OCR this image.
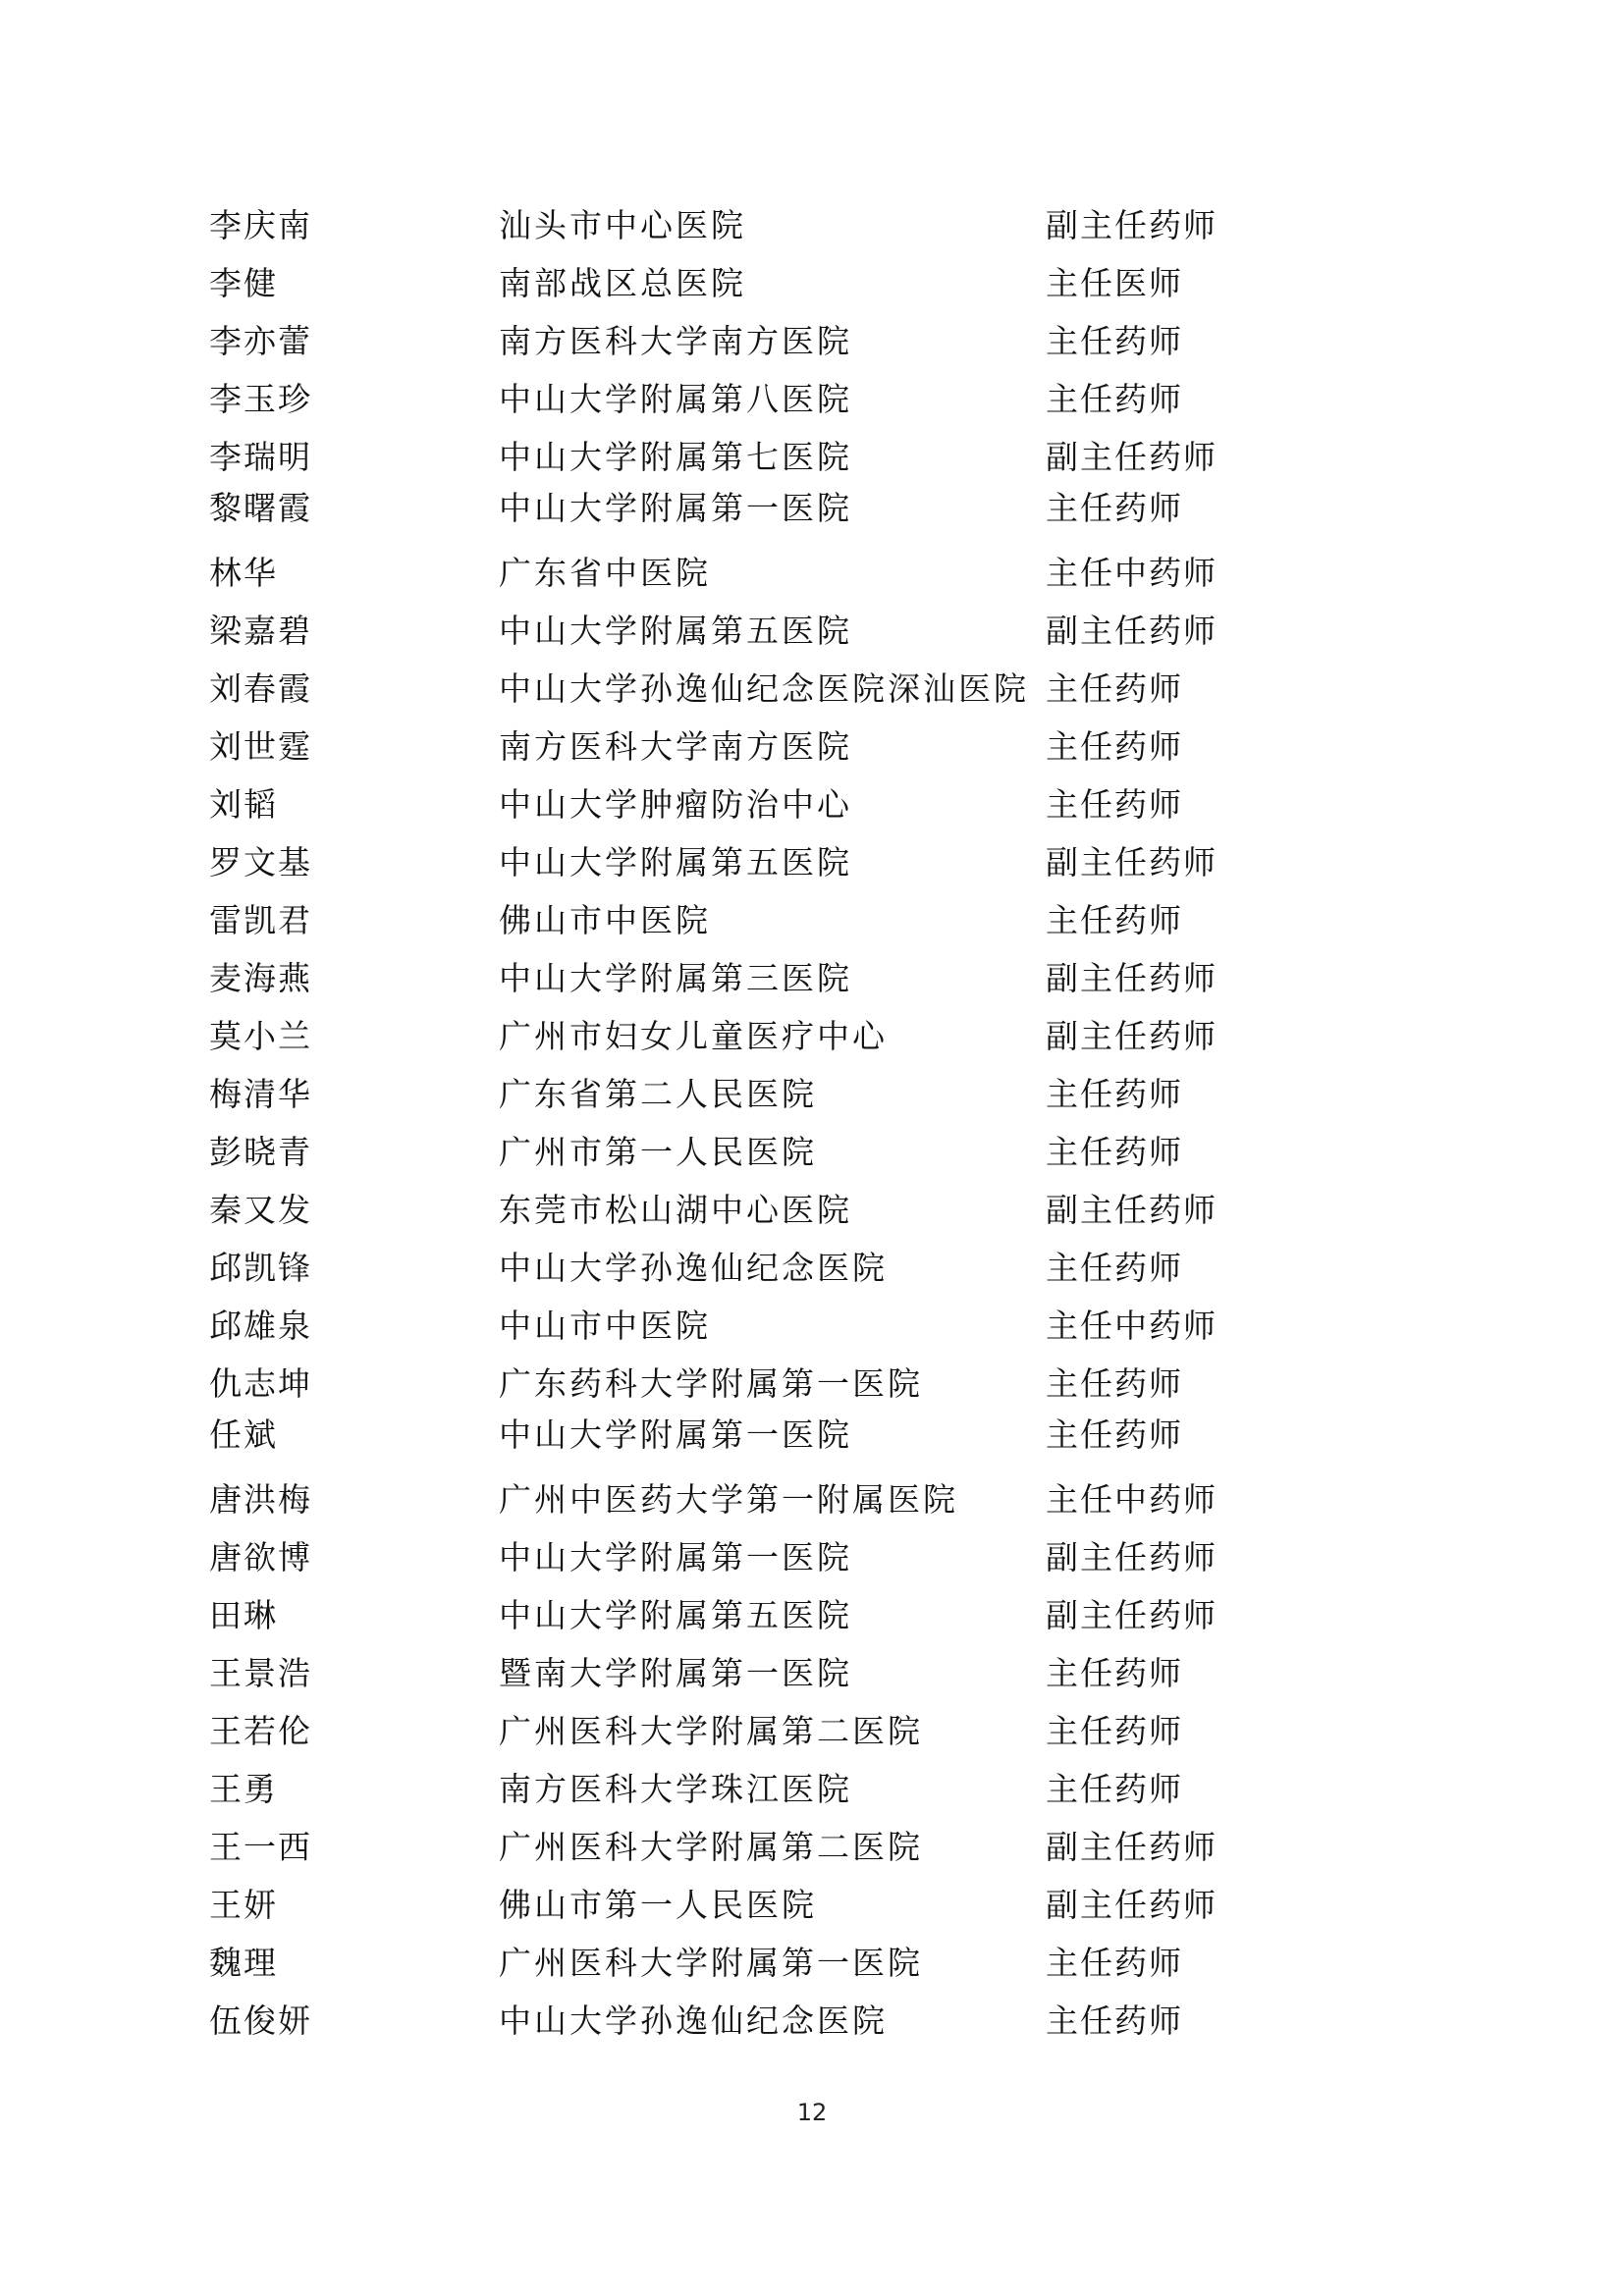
李庆南	汕头市中心医院	副主任药师
李健	南部战区总医院	主任医师
李亦蕾	南方医科大学南方医院	主任药师
李玉珍	中山大学附属第八医院	主任药师
李瑞明	中山大学附属第七医院	副主任药师
黎曙霞	中山大学附属第一医院	主任药师
林华	广东省中医院	主任中药师
梁嘉碧	中山大学附属第五医院	副主任药师
刘春霞	中山大学孙逸仙纪念医院深汕医院 主任药师
刘世霆	南方医科大学南方医院	主任药师
刘韬	中山大学肿瘤防治中心	主任药师
罗文基	中山大学附属第五医院	副主任药师
雷凯君	佛山市中医院	主任药师
麦海燕	中山大学附属第三医院	副主任药师
莫小兰	广州市妇女儿童医疗中心	副主任药师
梅清华	广东省第二人民医院	主任药师
彭晓青	广州市第一人民医院	主任药师
秦又发	东莞市松山湖中心医院	副主任药师
邱凯锋	中山大学孙逸仙纪念医院	主任药师
邱雄泉	中山市中医院	主任中药师
仇志坤	广东药科大学附属第一医院	主任药师
任斌	中山大学附属第一医院	主任药师
唐洪梅	广州中医药大学第一附属医院	主任中药师
唐欲博	中山大学附属第一医院	副主任药师
田琳	中山大学附属第五医院	副主任药师
王景浩	暨南大学附属第一医院	主任药师
王若伦	广州医科大学附属第二医院	主任药师
王勇	南方医科大学珠江医院	主任药师
王一西	广州医科大学附属第二医院	副主任药师
王妍	佛山市第一人民医院	副主任药师
魏理	广州医科大学附属第一医院	主任药师
伍俊妍	中山大学孙逸仙纪念医院	主任药师
12
